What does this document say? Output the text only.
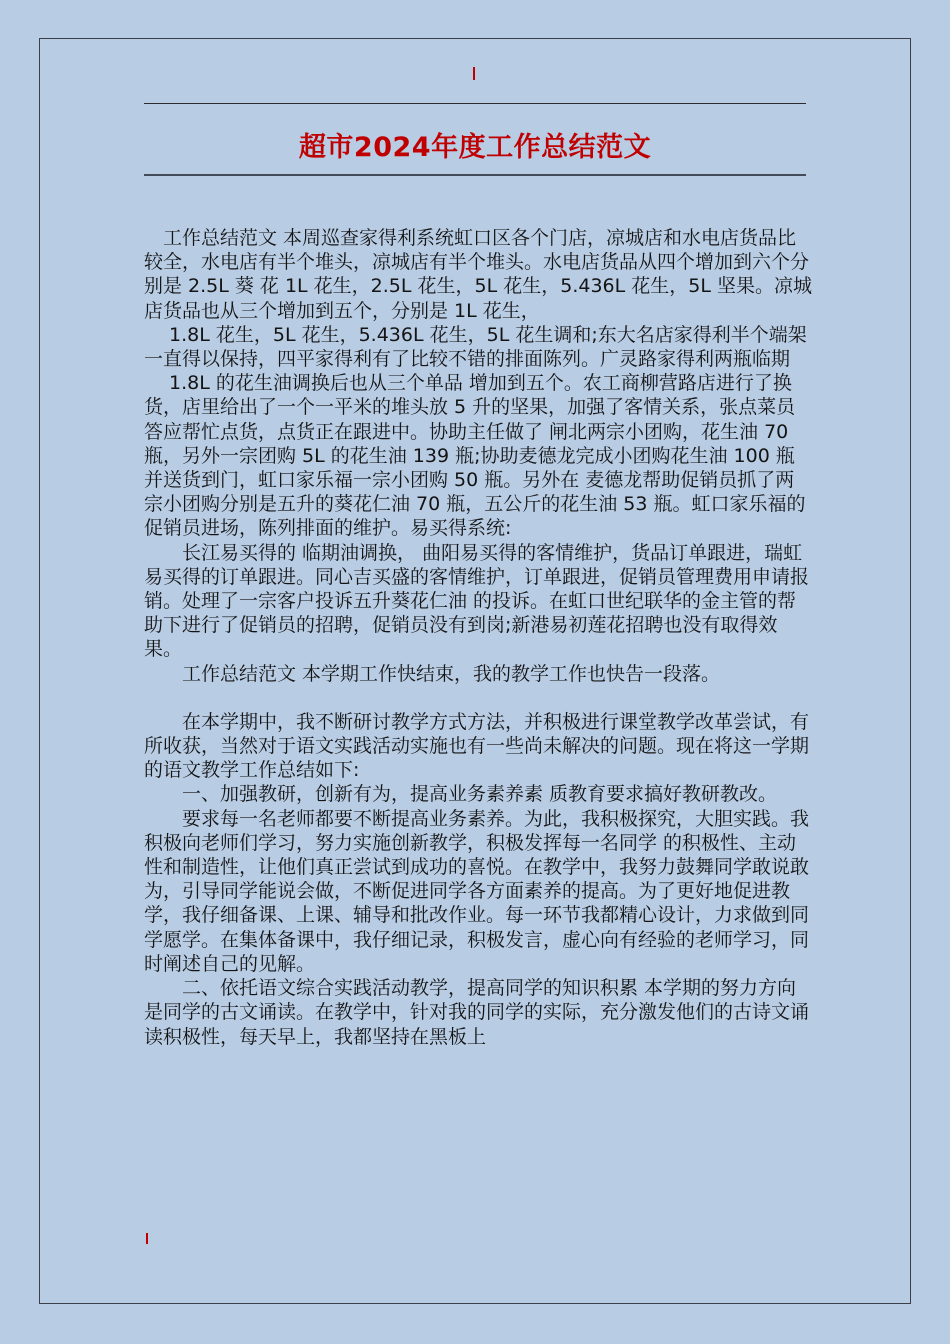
超市2024年度工作总结范文

　工作总结范文 本周巡查家得利系统虹口区各个门店，凉城店和水电店货品比较全，水电店有半个堆头，凉城店有半个堆头。水电店货品从四个增加到六个分别是 2.5L 葵 花 1L 花生，2.5L 花生，5L 花生，5.436L 花生，5L 坚果。凉城店货品也从三个增加到五个，分别是 1L 花生，

　 1.8L 花生，5L 花生，5.436L 花生，5L 花生调和;东大名店家得利半个端架一直得以保持，四平家得利有了比较不错的排面陈列。广灵路家得利两瓶临期

　 1.8L 的花生油调换后也从三个单品 增加到五个。农工商柳营路店进行了换货，店里给出了一个一平米的堆头放 5 升的坚果，加强了客情关系，张点菜员答应帮忙点货，点货正在跟进中。协助主任做了 闸北两宗小团购，花生油 70 瓶，另外一宗团购 5L 的花生油 139 瓶;协助麦德龙完成小团购花生油 100 瓶并送货到门，虹口家乐福一宗小团购 50 瓶。另外在 麦德龙帮助促销员抓了两宗小团购分别是五升的葵花仁油 70 瓶，五公斤的花生油 53 瓶。虹口家乐福的促销员进场，陈列排面的维护。易买得系统:

　　长江易买得的 临期油调换， 曲阳易买得的客情维护，货品订单跟进，瑞虹易买得的订单跟进。同心吉买盛的客情维护，订单跟进，促销员管理费用申请报销。处理了一宗客户投诉五升葵花仁油 的投诉。在虹口世纪联华的金主管的帮助下进行了促销员的招聘，促销员没有到岗;新港易初莲花招聘也没有取得效果。

　　工作总结范文 本学期工作快结束，我的教学工作也快告一段落。

　　在本学期中，我不断研讨教学方式方法，并积极进行课堂教学改革尝试，有所收获，当然对于语文实践活动实施也有一些尚未解决的问题。现在将这一学期的语文教学工作总结如下:

　　一、加强教研，创新有为，提高业务素养素 质教育要求搞好教研教改。

　　要求每一名老师都要不断提高业务素养。为此，我积极探究，大胆实践。我积极向老师们学习，努力实施创新教学，积极发挥每一名同学 的积极性、主动性和制造性，让他们真正尝试到成功的喜悦。在教学中，我努力鼓舞同学敢说敢为，引导同学能说会做，不断促进同学各方面素养的提高。为了更好地促进教学，我仔细备课、上课、辅导和批改作业。每一环节我都精心设计，力求做到同学愿学。在集体备课中，我仔细记录，积极发言，虚心向有经验的老师学习，同时阐述自己的见解。

　　二、依托语文综合实践活动教学，提高同学的知识积累 本学期的努力方向是同学的古文诵读。在教学中，针对我的同学的实际，充分激发他们的古诗文诵读积极性，每天早上，我都坚持在黑板上
